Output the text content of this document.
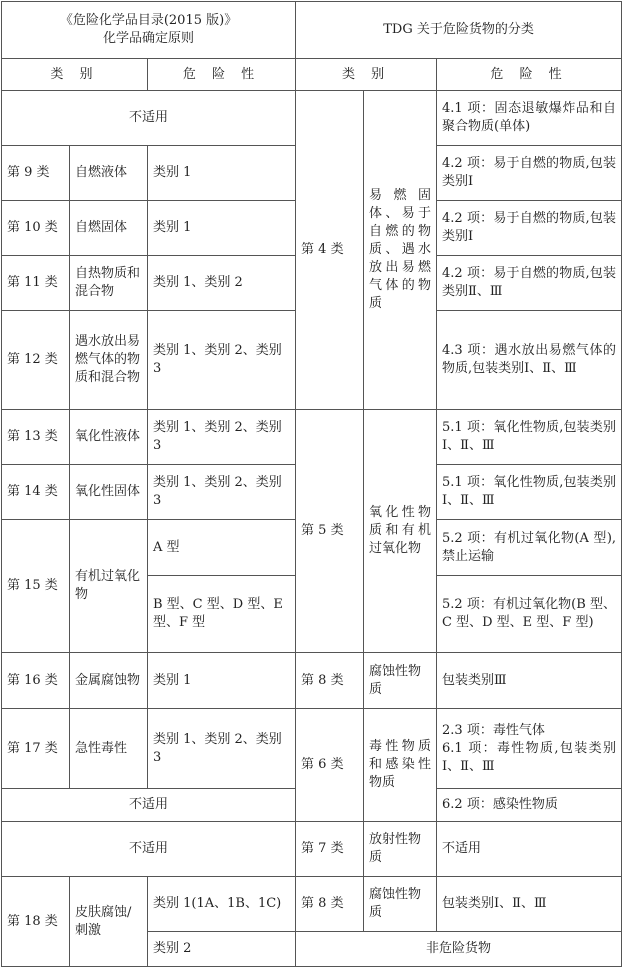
《危险化学品目录(2015 版)》
化学品确定原则			TDG 关于危险货物的分类		
类 别		危 险 性	类 别		危 险 性
不适用			第 4 类	易燃固体、易于自燃的物质、遇水放出易燃气体的物质	4.1 项：固态退敏爆炸品和自聚合物质(单体)
第 9 类	自燃液体	类别 1			4.2 项：易于自燃的物质,包装类别Ⅰ
第 10 类	自燃固体	类别 1			4.2 项：易于自燃的物质,包装类别Ⅰ
第 11 类	自热物质和混合物	类别 1、类别 2			4.2 项：易于自燃的物质,包装类别Ⅱ、Ⅲ
第 12 类	遇水放出易燃气体的物质和混合物	类别 1、类别 2、类别 3			4.3 项：遇水放出易燃气体的物质,包装类别Ⅰ、Ⅱ、Ⅲ
第 13 类	氧化性液体	类别 1、类别 2、类别 3	第 5 类	氧化性物质和有机过氧化物	5.1 项：氧化性物质,包装类别Ⅰ、Ⅱ、Ⅲ
第 14 类	氧化性固体	类别 1、类别 2、类别 3			5.1 项：氧化性物质,包装类别Ⅰ、Ⅱ、Ⅲ
第 15 类	有机过氧化物	A 型			5.2 项：有机过氧化物(A 型),禁止运输
		B 型、C 型、D 型、E 型、F 型			5.2 项：有机过氧化物(B 型、C 型、D 型、E 型、F 型)
第 16 类	金属腐蚀物	类别 1	第 8 类	腐蚀性物质	包装类别Ⅲ
第 17 类	急性毒性	类别 1、类别 2、类别 3	第 6 类	毒性物质和感染性物质	2.3 项：毒性气体
6.1 项：毒性物质,包装类别Ⅰ、Ⅱ、Ⅲ

不适用					6.2 项：感染性物质
不适用			第 7 类	放射性物质	不适用
第 18 类	皮肤腐蚀/刺激	类别 1(1A、1B、1C)	第 8 类	腐蚀性物质	包装类别Ⅰ、Ⅱ、Ⅲ
		类别 2	非危险货物		
